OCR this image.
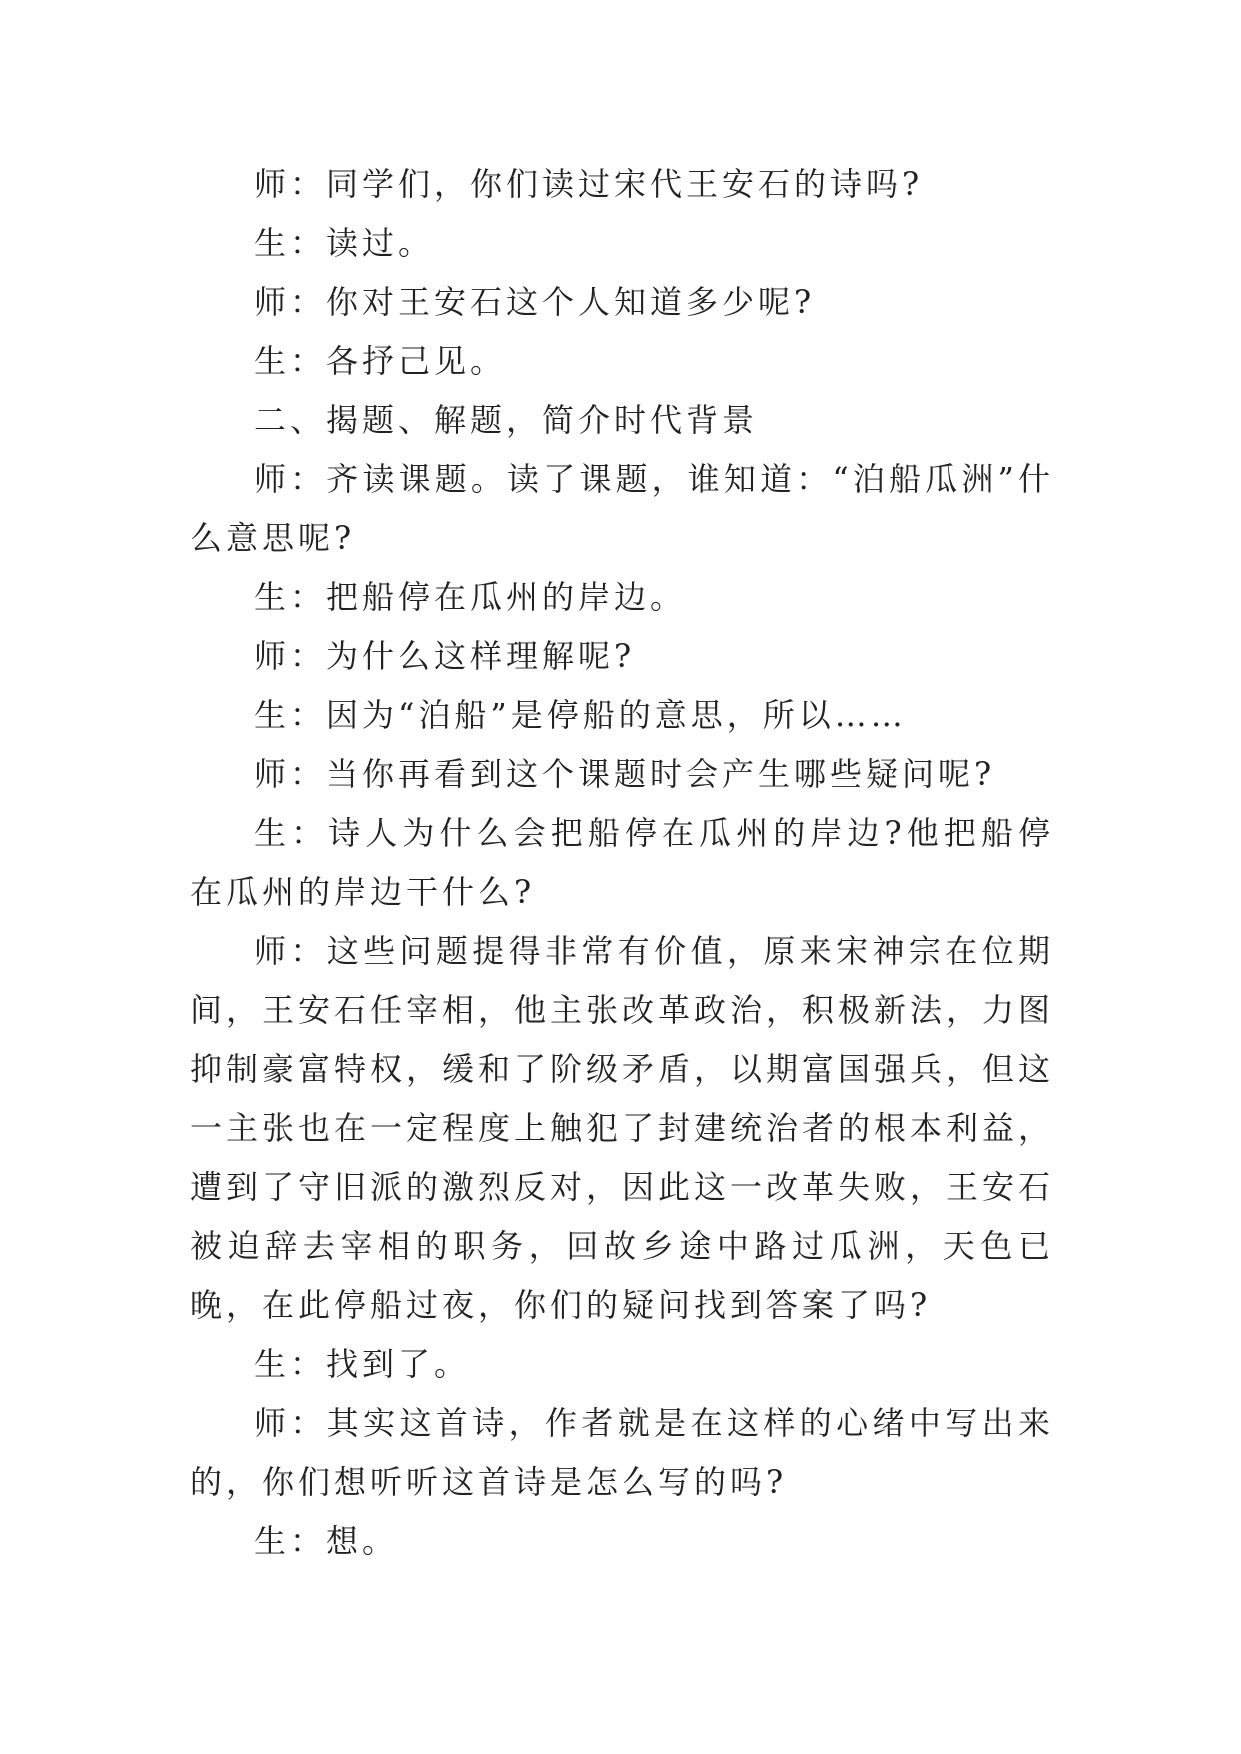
师：同学们，你们读过宋代王安石的诗吗?

生：读过。

师：你对王安石这个人知道多少呢?

生：各抒己见。

二、揭题、解题，简介时代背景

师：齐读课题。读了课题，谁知道：“泊船瓜洲”什么意思呢?

生：把船停在瓜州的岸边。

师：为什么这样理解呢?

生：因为“泊船”是停船的意思，所以……

师：当你再看到这个课题时会产生哪些疑问呢?

生：诗人为什么会把船停在瓜州的岸边?他把船停在瓜州的岸边干什么?

师：这些问题提得非常有价值，原来宋神宗在位期间，王安石任宰相，他主张改革政治，积极新法，力图抑制豪富特权，缓和了阶级矛盾，以期富国强兵，但这一主张也在一定程度上触犯了封建统治者的根本利益，遭到了守旧派的激烈反对，因此这一改革失败，王安石被迫辞去宰相的职务，回故乡途中路过瓜洲，天色已晚，在此停船过夜，你们的疑问找到答案了吗?

生：找到了。

师：其实这首诗，作者就是在这样的心绪中写出来的，你们想听听这首诗是怎么写的吗?

生：想。
